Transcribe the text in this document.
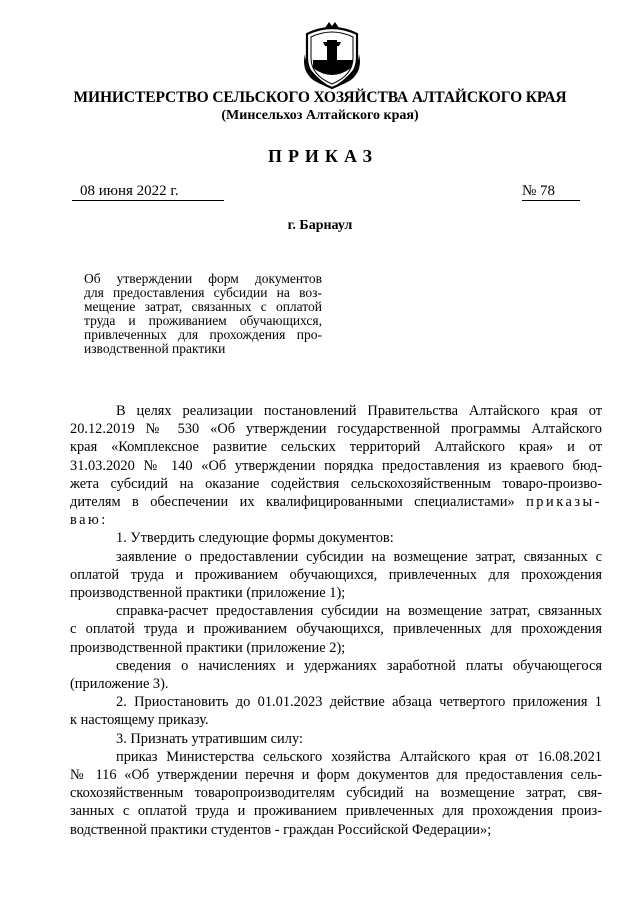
МИНИСТЕРСТВО СЕЛЬСКОГО ХОЗЯЙСТВА АЛТАЙСКОГО КРАЯ
(Минсельхоз Алтайского края)
ПРИКАЗ
08 июня 2022 г.	№ 78
г. Барнаул
Об утверждении форм документов
для предоставления субсидии на воз-
мещение затрат, связанных с оплатой
труда и проживанием обучающихся,
привлеченных для прохождения про-
изводственной практики
В целях реализации постановлений Правительства Алтайского края от
20.12.2019 № 530 «Об утверждении государственной программы Алтайского
края «Комплексное развитие сельских территорий Алтайского края» и от
31.03.2020 № 140 «Об утверждении порядка предоставления из краевого бюд-
жета субсидий на оказание содействия сельскохозяйственным товаро-произво-
дителям в обеспечении их квалифицированными специалистами» приказы-
ваю:
1. Утвердить следующие формы документов:
заявление о предоставлении субсидии на возмещение затрат, связанных с
оплатой труда и проживанием обучающихся, привлеченных для прохождения
производственной практики (приложение 1);
справка-расчет предоставления субсидии на возмещение затрат, связанных
с оплатой труда и проживанием обучающихся, привлеченных для прохождения
производственной практики (приложение 2);
сведения о начислениях и удержаниях заработной платы обучающегося
(приложение 3).
2. Приостановить до 01.01.2023 действие абзаца четвертого приложения 1
к настоящему приказу.
3. Признать утратившим силу:
приказ Министерства сельского хозяйства Алтайского края от 16.08.2021
№ 116 «Об утверждении перечня и форм документов для предоставления сель-
скохозяйственным товаропроизводителям субсидий на возмещение затрат, свя-
занных с оплатой труда и проживанием привлеченных для прохождения произ-
водственной практики студентов - граждан Российской Федерации»;
